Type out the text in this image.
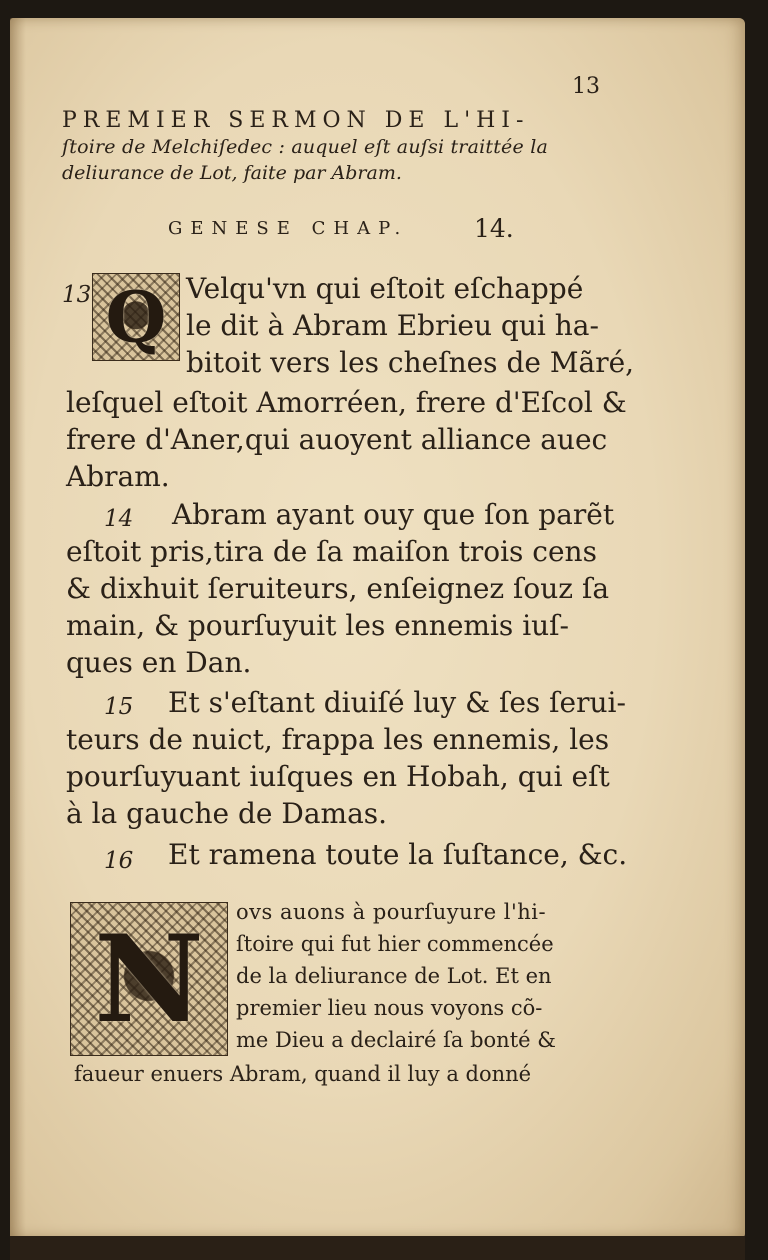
13
PREMIER SERMON DE L'HI-
ſtoire de Melchiſedec : auquel eſt auſsi traittée la
deliurance de Lot, faite par Abram.
GENESE CHAP.	14.
13 Q Velqu'vn qui eſtoit eſchappé
le dit à Abram Ebrieu qui ha-
bitoit vers les cheſnes de Mãré,
leſquel eſtoit Amorréen, frere d'Eſcol &
frere d'Aner,qui auoyent alliance auec
Abram.
14 Abram ayant ouy que ſon parẽt
eſtoit pris,tira de ſa maiſon trois cens
& dixhuit ſeruiteurs, enſeignez ſouz ſa
main, & pourſuyuit les ennemis iuſ-
ques en Dan.
15 Et s'eſtant diuiſé luy & ſes ſerui-
teurs de nuict, frappa les ennemis, les
pourſuyuant iuſques en Hobah, qui eſt
à la gauche de Damas.
16 Et ramena toute la ſuſtance, &c.
N	ovs auons à pourſuyure l'hi-
ſtoire qui fut hier commencée
de la deliurance de Lot. Et en
premier lieu nous voyons cõ-
me Dieu a declairé ſa bonté &
faueur enuers Abram, quand il luy a donné
